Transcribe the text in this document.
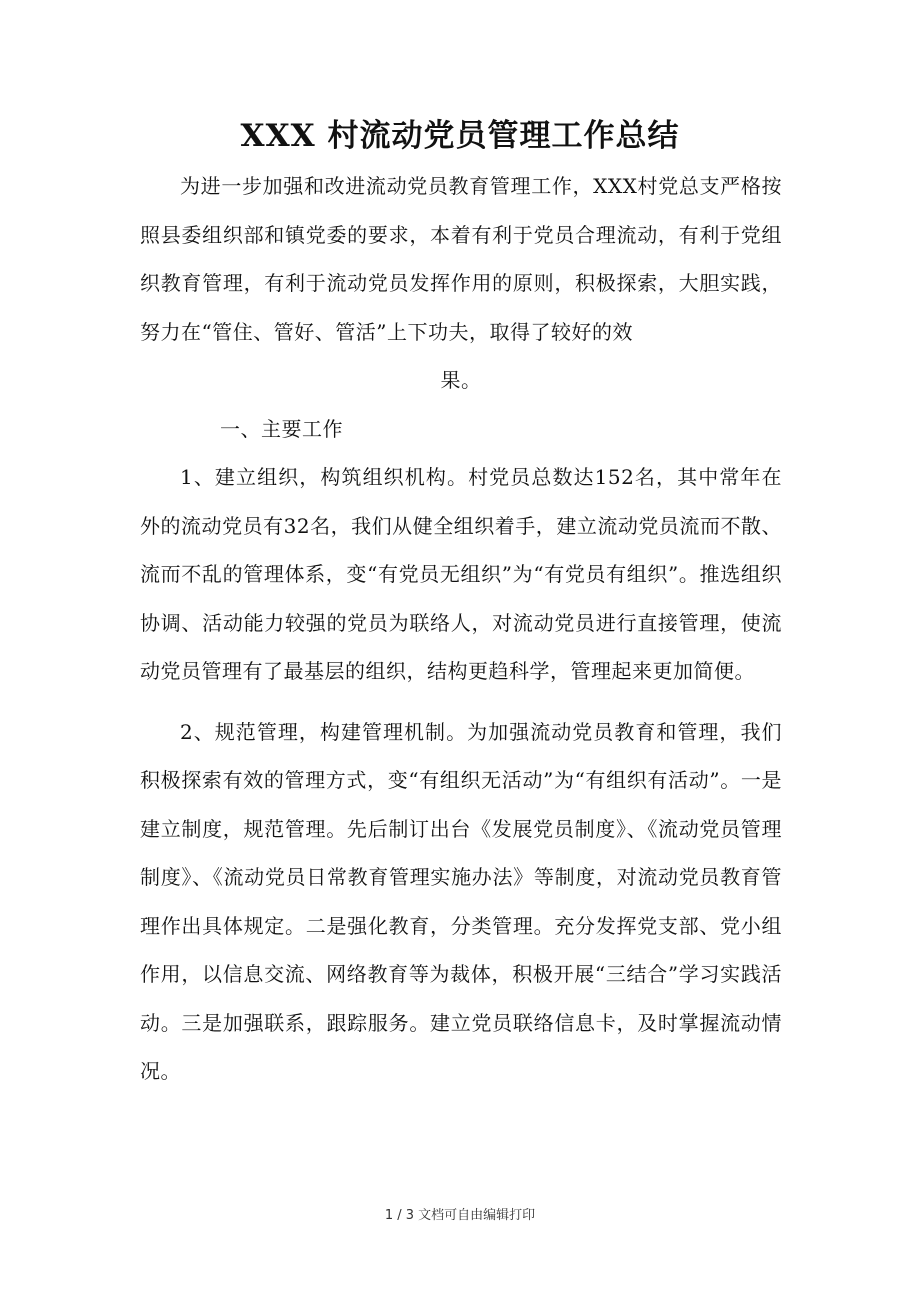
XXX 村流动党员管理工作总结

为进一步加强和改进流动党员教育管理工作，XXX村党总支严格按照县委组织部和镇党委的要求，本着有利于党员合理流动，有利于党组织教育管理，有利于流动党员发挥作用的原则，积极探索，大胆实践，努力在“管住、管好、管活”上下功夫，取得了较好的效

果。

一、主要工作

1、建立组织，构筑组织机构。村党员总数达152名，其中常年在外的流动党员有32名，我们从健全组织着手，建立流动党员流而不散、流而不乱的管理体系，变“有党员无组织”为“有党员有组织”。推选组织协调、活动能力较强的党员为联络人，对流动党员进行直接管理，使流动党员管理有了最基层的组织，结构更趋科学，管理起来更加简便。

2、规范管理，构建管理机制。为加强流动党员教育和管理，我们积极探索有效的管理方式，变“有组织无活动”为“有组织有活动”。一是建立制度，规范管理。先后制订出台《发展党员制度》、《流动党员管理制度》、《流动党员日常教育管理实施办法》等制度，对流动党员教育管理作出具体规定。二是强化教育，分类管理。充分发挥党支部、党小组作用，以信息交流、网络教育等为裁体，积极开展“三结合”学习实践活动。三是加强联系，跟踪服务。建立党员联络信息卡，及时掌握流动情况。

1 / 3 文档可自由编辑打印
